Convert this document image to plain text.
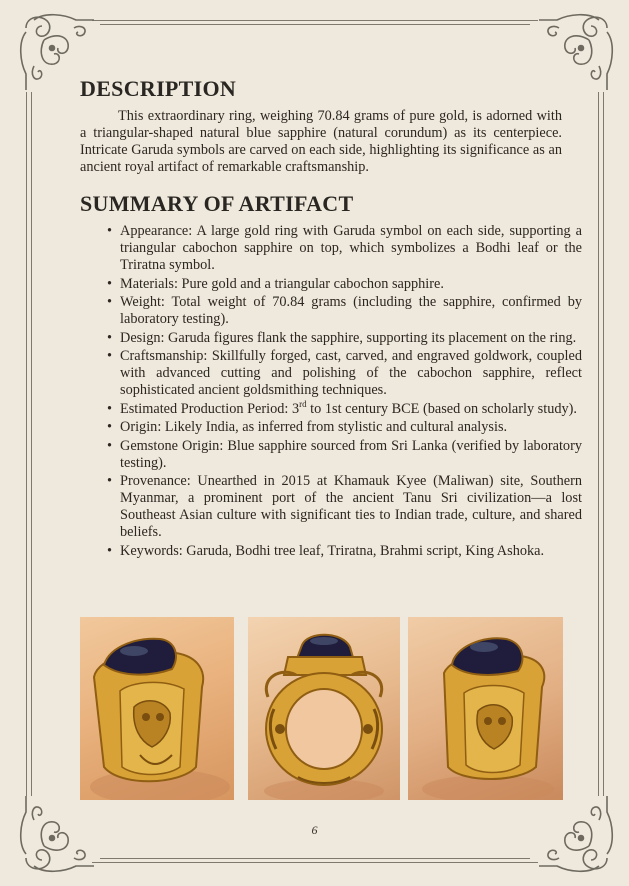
DESCRIPTION

This extraordinary ring, weighing 70.84 grams of pure gold, is adorned with a triangular-shaped natural blue sapphire (natural corundum) as its centerpiece. Intricate Garuda symbols are carved on each side, highlighting its significance as an ancient royal artifact of remarkable craftsmanship.

SUMMARY OF ARTIFACT
• Appearance: A large gold ring with Garuda symbol on each side, supporting a triangular cabochon sapphire on top, which symbolizes a Bodhi leaf or the Triratna symbol.
• Materials: Pure gold and a triangular cabochon sapphire.
• Weight: Total weight of 70.84 grams (including the sapphire, confirmed by laboratory testing).
• Design: Garuda figures flank the sapphire, supporting its placement on the ring.
• Craftsmanship: Skillfully forged, cast, carved, and engraved goldwork, coupled with advanced cutting and polishing of the cabochon sapphire, reflect sophisticated ancient goldsmithing techniques.
• Estimated Production Period: 3rd to 1st century BCE (based on scholarly study).
• Origin: Likely India, as inferred from stylistic and cultural analysis.
• Gemstone Origin: Blue sapphire sourced from Sri Lanka (verified by laboratory testing).
• Provenance: Unearthed in 2015 at Khamauk Kyee (Maliwan) site, Southern Myanmar, a prominent port of the ancient Tanu Sri civilization—a lost Southeast Asian culture with significant ties to Indian trade, culture, and shared beliefs.
• Keywords: Garuda, Bodhi tree leaf, Triratna, Brahmi script, King Ashoka.
6
